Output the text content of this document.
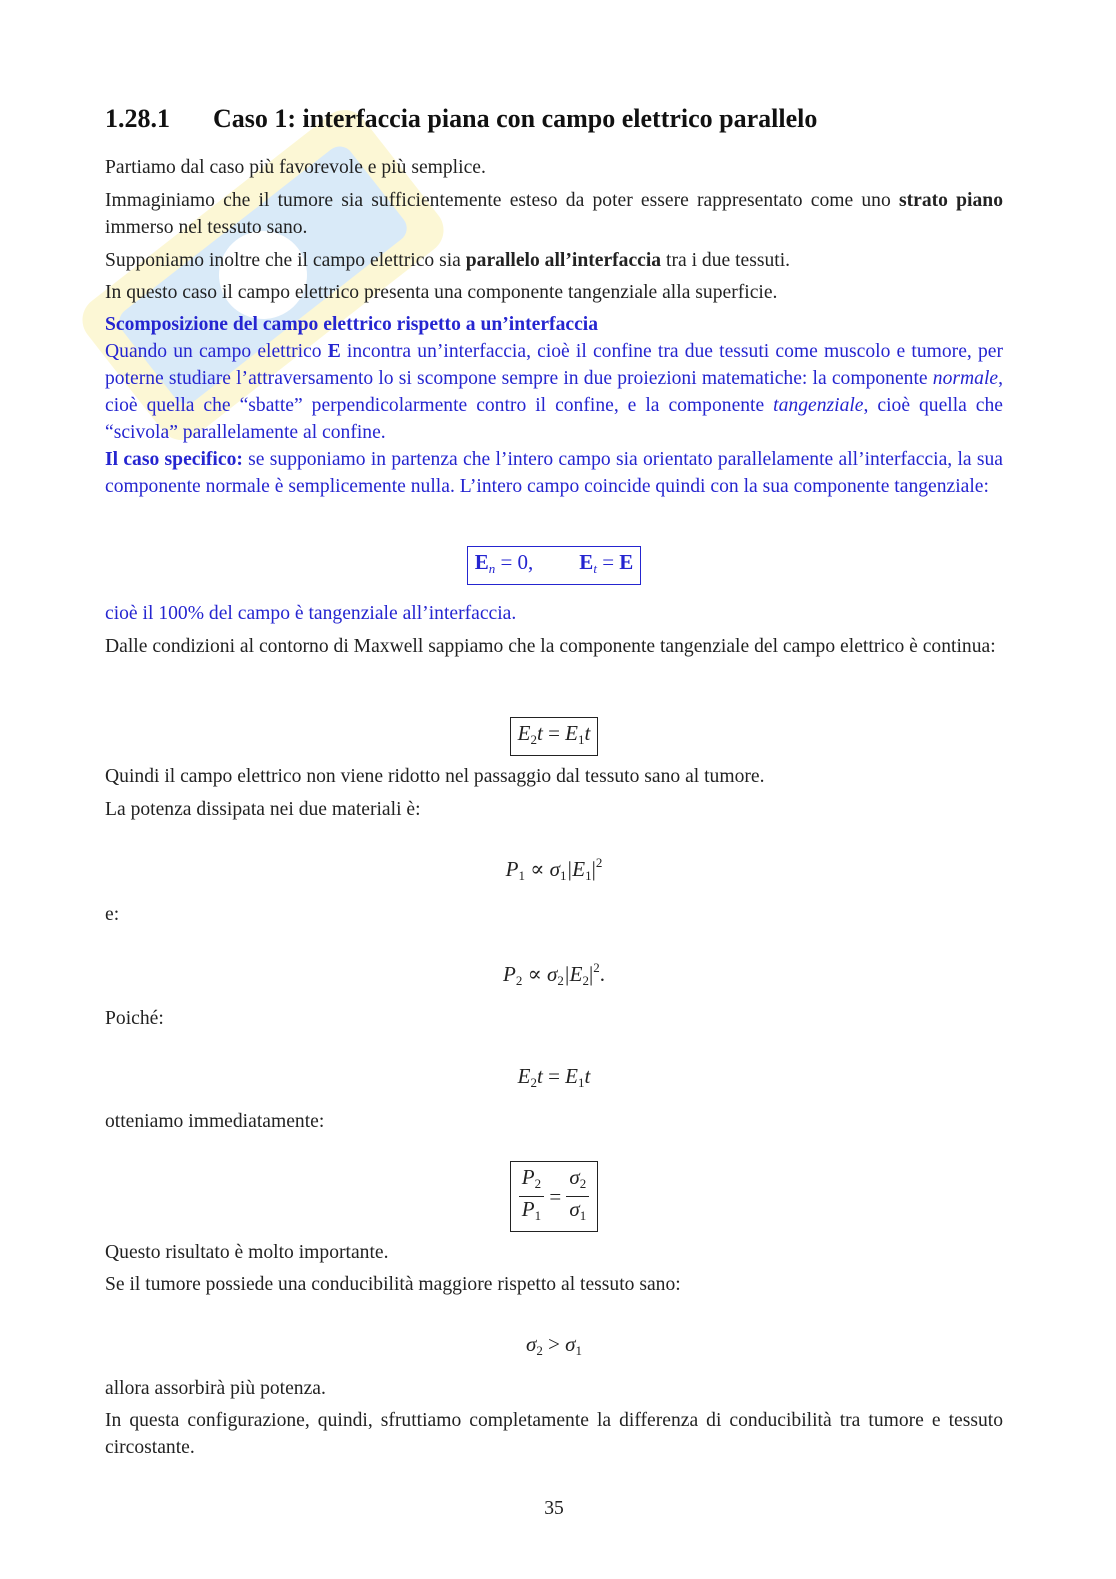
1.28.1 Caso 1: interfaccia piana con campo elettrico parallelo
Partiamo dal caso più favorevole e più semplice.
Immaginiamo che il tumore sia sufficientemente esteso da poter essere rappresentato come uno strato piano immerso nel tessuto sano.
Supponiamo inoltre che il campo elettrico sia parallelo all’interfaccia tra i due tessuti.
In questo caso il campo elettrico presenta una componente tangenziale alla superficie.
Scomposizione del campo elettrico rispetto a un’interfaccia
Quando un campo elettrico E incontra un’interfaccia, cioè il confine tra due tessuti come muscolo e tumore, per poterne studiare l’attraversamento lo si scompone sempre in due proiezioni matematiche: la componente normale, cioè quella che “sbatte” perpendicolarmente contro il confine, e la componente tangenziale, cioè quella che “scivola” parallelamente al confine.
Il caso specifico: se supponiamo in partenza che l’intero campo sia orientato parallelamente all’interfaccia, la sua componente normale è semplicemente nulla. L’intero campo coincide quindi con la sua componente tangenziale:
$E_n = 0$, $E_t = E$
cioè il 100% del campo è tangenziale all’interfaccia.
Dalle condizioni al contorno di Maxwell sappiamo che la componente tangenziale del campo elettrico è continua:
$E_2t = E_1t$
Quindi il campo elettrico non viene ridotto nel passaggio dal tessuto sano al tumore.
La potenza dissipata nei due materiali è:
$P_1 \propto \sigma_1|E_1|^2$
e:
$P_2 \propto \sigma_2|E_2|^2$.
Poiché:
$E_2t = E_1t$
otteniamo immediatamente:
$\frac{P_2}{P_1} = \frac{\sigma_2}{\sigma_1}$
Questo risultato è molto importante.
Se il tumore possiede una conducibilità maggiore rispetto al tessuto sano:
$\sigma_2 > \sigma_1$
allora assorbirà più potenza.
In questa configurazione, quindi, sfruttiamo completamente la differenza di conducibilità tra tumore e tessuto circostante.
35
